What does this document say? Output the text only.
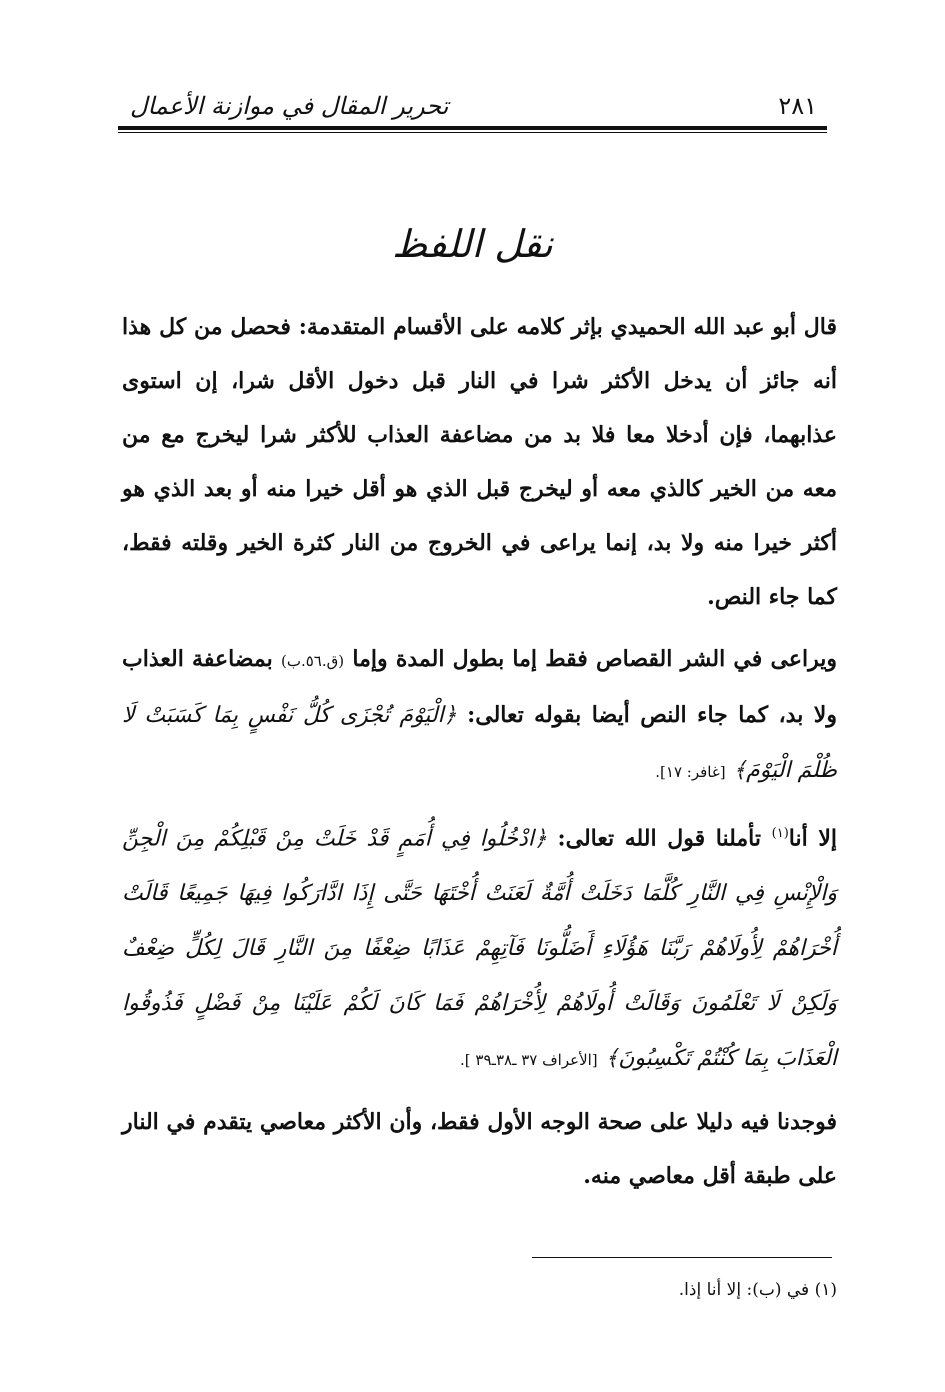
تحرير المقال في موازنة الأعمال	٢٨١
نقل اللفظ

قال أبو عبد الله الحميدي بإثر كلامه على الأقسام المتقدمة: فحصل من كل هذا أنه جائز أن يدخل الأكثر شرا في النار قبل دخول الأقل شرا، إن استوى عذابهما، فإن أدخلا معا فلا بد من مضاعفة العذاب للأكثر شرا ليخرج مع من معه من الخير كالذي معه أو ليخرج قبل الذي هو أقل خيرا منه أو بعد الذي هو أكثر خيرا منه ولا بد، إنما يراعى في الخروج من النار كثرة الخير وقلته فقط، كما جاء النص.

ويراعى في الشر القصاص فقط إما بطول المدة وإما (ق.٥٦.ب) بمضاعفة العذاب ولا بد، كما جاء النص أيضا بقوله تعالى: ﴿الْيَوْمَ تُجْزَى كُلُّ نَفْسٍ بِمَا كَسَبَتْ لَا ظُلْمَ الْيَوْمَ﴾ [غافر: ١٧].

إلا أنا$^{(١)}$ تأملنا قول الله تعالى: ﴿ادْخُلُوا فِي أُمَمٍ قَدْ خَلَتْ مِنْ قَبْلِكُمْ مِنَ الْجِنِّ وَالْإِنْسِ فِي النَّارِ كُلَّمَا دَخَلَتْ أُمَّةٌ لَعَنَتْ أُخْتَهَا حَتَّى إِذَا ادَّارَكُوا فِيهَا جَمِيعًا قَالَتْ أُخْرَاهُمْ لِأُولَاهُمْ رَبَّنَا هَؤُلَاءِ أَضَلُّونَا فَآتِهِمْ عَذَابًا ضِعْفًا مِنَ النَّارِ قَالَ لِكُلٍّ ضِعْفٌ وَلَكِنْ لَا تَعْلَمُونَ وَقَالَتْ أُولَاهُمْ لِأُخْرَاهُمْ فَمَا كَانَ لَكُمْ عَلَيْنَا مِنْ فَضْلٍ فَذُوقُوا الْعَذَابَ بِمَا كُنْتُمْ تَكْسِبُونَ﴾ [الأعراف ٣٧ ـ٣٨ـ٣٩ ].

فوجدنا فيه دليلا على صحة الوجه الأول فقط، وأن الأكثر معاصي يتقدم في النار على طبقة أقل معاصي منه.

(١) في (ب): إلا أنا إذا.
